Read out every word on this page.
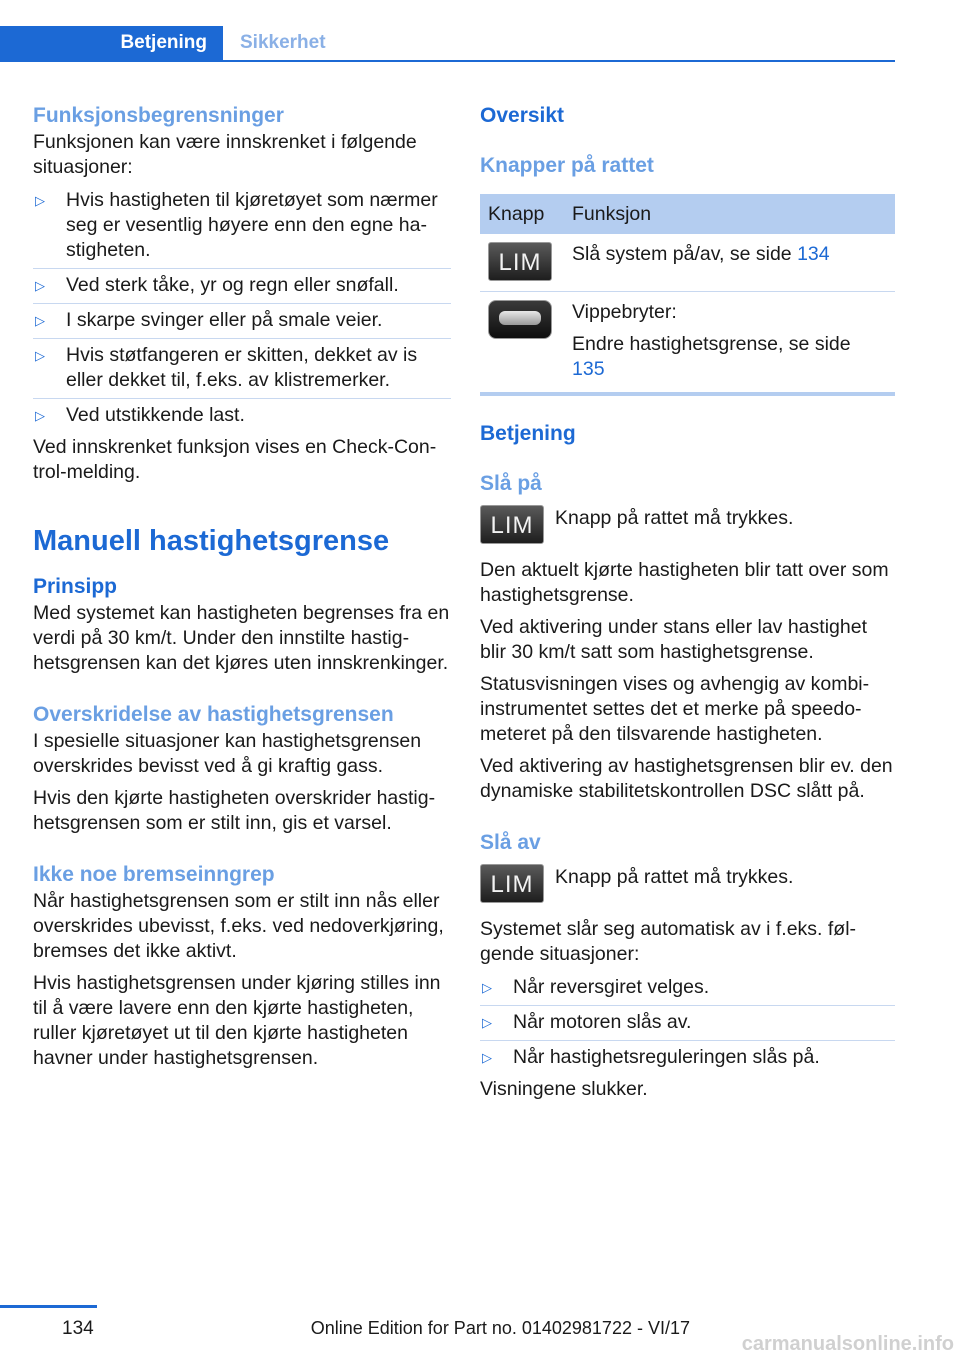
Betjening	Sikkerhet
Funksjonsbegrensninger

Funksjonen kan være innskrenket i følgende situasjoner:

▷ Hvis hastigheten til kjøretøyet som nærmer seg er vesentlig høyere enn den egne hastigheten.
▷ Ved sterk tåke, yr og regn eller snøfall.
▷ I skarpe svinger eller på smale veier.
▷ Hvis støtfangeren er skitten, dekket av is eller dekket til, f.eks. av klistremerker.
▷ Ved utstikkende last.

Ved innskrenket funksjon vises en Check-Control-melding.

Manuell hastighetsgrense
Prinsipp

Med systemet kan hastigheten begrenses fra en verdi på 30 km/t. Under den innstilte hastighetsgrensen kan det kjøres uten innskrenkinger.

Overskridelse av hastighetsgrensen

I spesielle situasjoner kan hastighetsgrensen overskrides bevisst ved å gi kraftig gass.

Hvis den kjørte hastigheten overskrider hastighetsgrensen som er stilt inn, gis et varsel.

Ikke noe bremseinngrep

Når hastighetsgrensen som er stilt inn nås eller overskrides ubevisst, f.eks. ved nedoverkjøring, bremses det ikke aktivt.

Hvis hastighetsgrensen under kjøring stilles inn til å være lavere enn den kjørte hastigheten, ruller kjøretøyet ut til den kjørte hastigheten havner under hastighetsgrensen.

Oversikt
Knapper på rattet
Knapp	Funksjon
LIM	Slå system på/av, se side 134

	Vippebryter:
Endre hastighetsgrense, se side 135
Betjening
Slå på
LIM	Knapp på rattet må trykkes.

Den aktuelt kjørte hastigheten blir tatt over som hastighetsgrense.

Ved aktivering under stans eller lav hastighet blir 30 km/t satt som hastighetsgrense.

Statusvisningen vises og avhengig av kombiinstrumentet settes det et merke på speedometeret på den tilsvarende hastigheten.

Ved aktivering av hastighetsgrensen blir ev. den dynamiske stabilitetskontrollen DSC slått på.

Slå av
LIM	Knapp på rattet må trykkes.

Systemet slår seg automatisk av i f.eks. følgende situasjoner:

▷ Når reversgiret velges.
▷ Når motoren slås av.
▷ Når hastighetsreguleringen slås på.

Visningene slukker.

134	Online Edition for Part no. 01402981722 - VI/17
carmanualsonline.info
